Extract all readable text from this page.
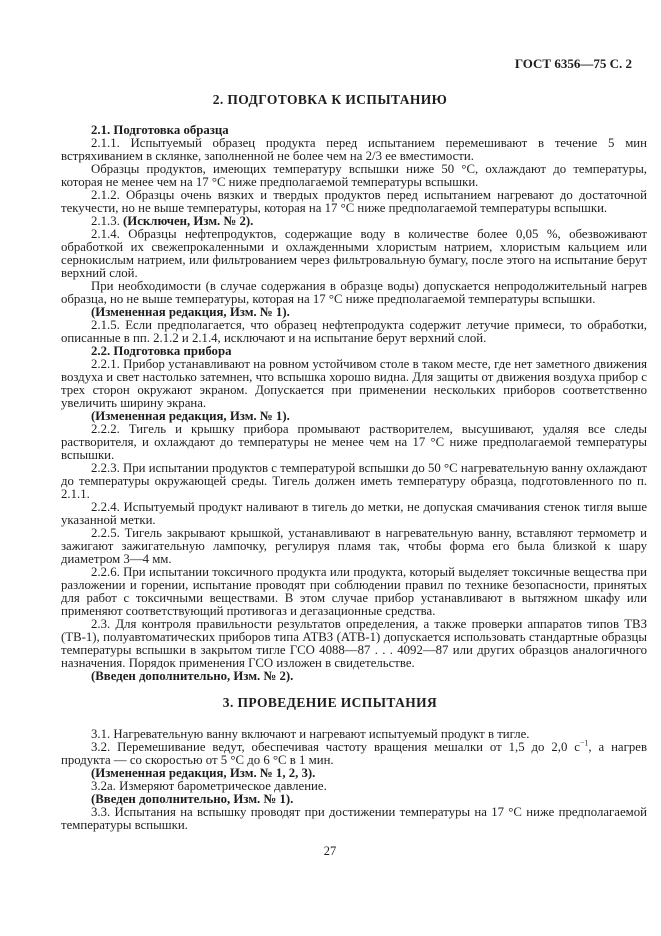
ГОСТ 6356—75 С. 2
2. ПОДГОТОВКА К ИСПЫТАНИЮ

2.1. Подготовка образца

2.1.1. Испытуемый образец продукта перед испытанием перемешивают в течение 5 мин встряхиванием в склянке, заполненной не более чем на 2/3 ее вместимости.

Образцы продуктов, имеющих температуру вспышки ниже 50 °С, охлаждают до температуры, которая не менее чем на 17 °С ниже предполагаемой температуры вспышки.

2.1.2. Образцы очень вязких и твердых продуктов перед испытанием нагревают до достаточной текучести, но не выше температуры, которая на 17 °С ниже предполагаемой температуры вспышки.

2.1.3. (Исключен, Изм. № 2).

2.1.4. Образцы нефтепродуктов, содержащие воду в количестве более 0,05 %, обезвоживают обработкой их свежепрокаленными и охлажденными хлористым натрием, хлористым кальцием или сернокислым натрием, или фильтрованием через фильтровальную бумагу, после этого на испытание берут верхний слой.

При необходимости (в случае содержания в образце воды) допускается непродолжительный нагрев образца, но не выше температуры, которая на 17 °С ниже предполагаемой температуры вспышки.

(Измененная редакция, Изм. № 1).

2.1.5. Если предполагается, что образец нефтепродукта содержит летучие примеси, то обработки, описанные в пп. 2.1.2 и 2.1.4, исключают и на испытание берут верхний слой.

2.2. Подготовка прибора

2.2.1. Прибор устанавливают на ровном устойчивом столе в таком месте, где нет заметного движения воздуха и свет настолько затемнен, что вспышка хорошо видна. Для защиты от движения воздуха прибор с трех сторон окружают экраном. Допускается при применении нескольких приборов соответственно увеличить ширину экрана.

(Измененная редакция, Изм. № 1).

2.2.2. Тигель и крышку прибора промывают растворителем, высушивают, удаляя все следы растворителя, и охлаждают до температуры не менее чем на 17 °С ниже предполагаемой температуры вспышки.

2.2.3. При испытании продуктов с температурой вспышки до 50 °С нагревательную ванну охлаждают до температуры окружающей среды. Тигель должен иметь температуру образца, подготовленного по п. 2.1.1.

2.2.4. Испытуемый продукт наливают в тигель до метки, не допуская смачивания стенок тигля выше указанной метки.

2.2.5. Тигель закрывают крышкой, устанавливают в нагревательную ванну, вставляют термометр и зажигают зажигательную лампочку, регулируя пламя так, чтобы форма его была близкой к шару диаметром 3—4 мм.

2.2.6. При испытании токсичного продукта или продукта, который выделяет токсичные вещества при разложении и горении, испытание проводят при соблюдении правил по технике безопасности, принятых для работ с токсичными веществами. В этом случае прибор устанавливают в вытяжном шкафу или применяют соответствующий противогаз и дегазационные средства.

2.3. Для контроля правильности результатов определения, а также проверки аппаратов типов ТВЗ (ТВ-1), полуавтоматических приборов типа АТВЗ (АТВ-1) допускается использовать стандартные образцы температуры вспышки в закрытом тигле ГСО 4088—87 . . . 4092—87 или других образцов аналогичного назначения. Порядок применения ГСО изложен в свидетельстве.

(Введен дополнительно, Изм. № 2).

3. ПРОВЕДЕНИЕ ИСПЫТАНИЯ

3.1. Нагревательную ванну включают и нагревают испытуемый продукт в тигле.

3.2. Перемешивание ведут, обеспечивая частоту вращения мешалки от 1,5 до 2,0 $с^{-1}$, а нагрев продукта — со скоростью от 5 °С до 6 °С в 1 мин.

(Измененная редакция, Изм. № 1, 2, 3).

3.2а. Измеряют барометрическое давление.

(Введен дополнительно, Изм. № 1).

3.3. Испытания на вспышку проводят при достижении температуры на 17 °С ниже предполагаемой температуры вспышки.

27
